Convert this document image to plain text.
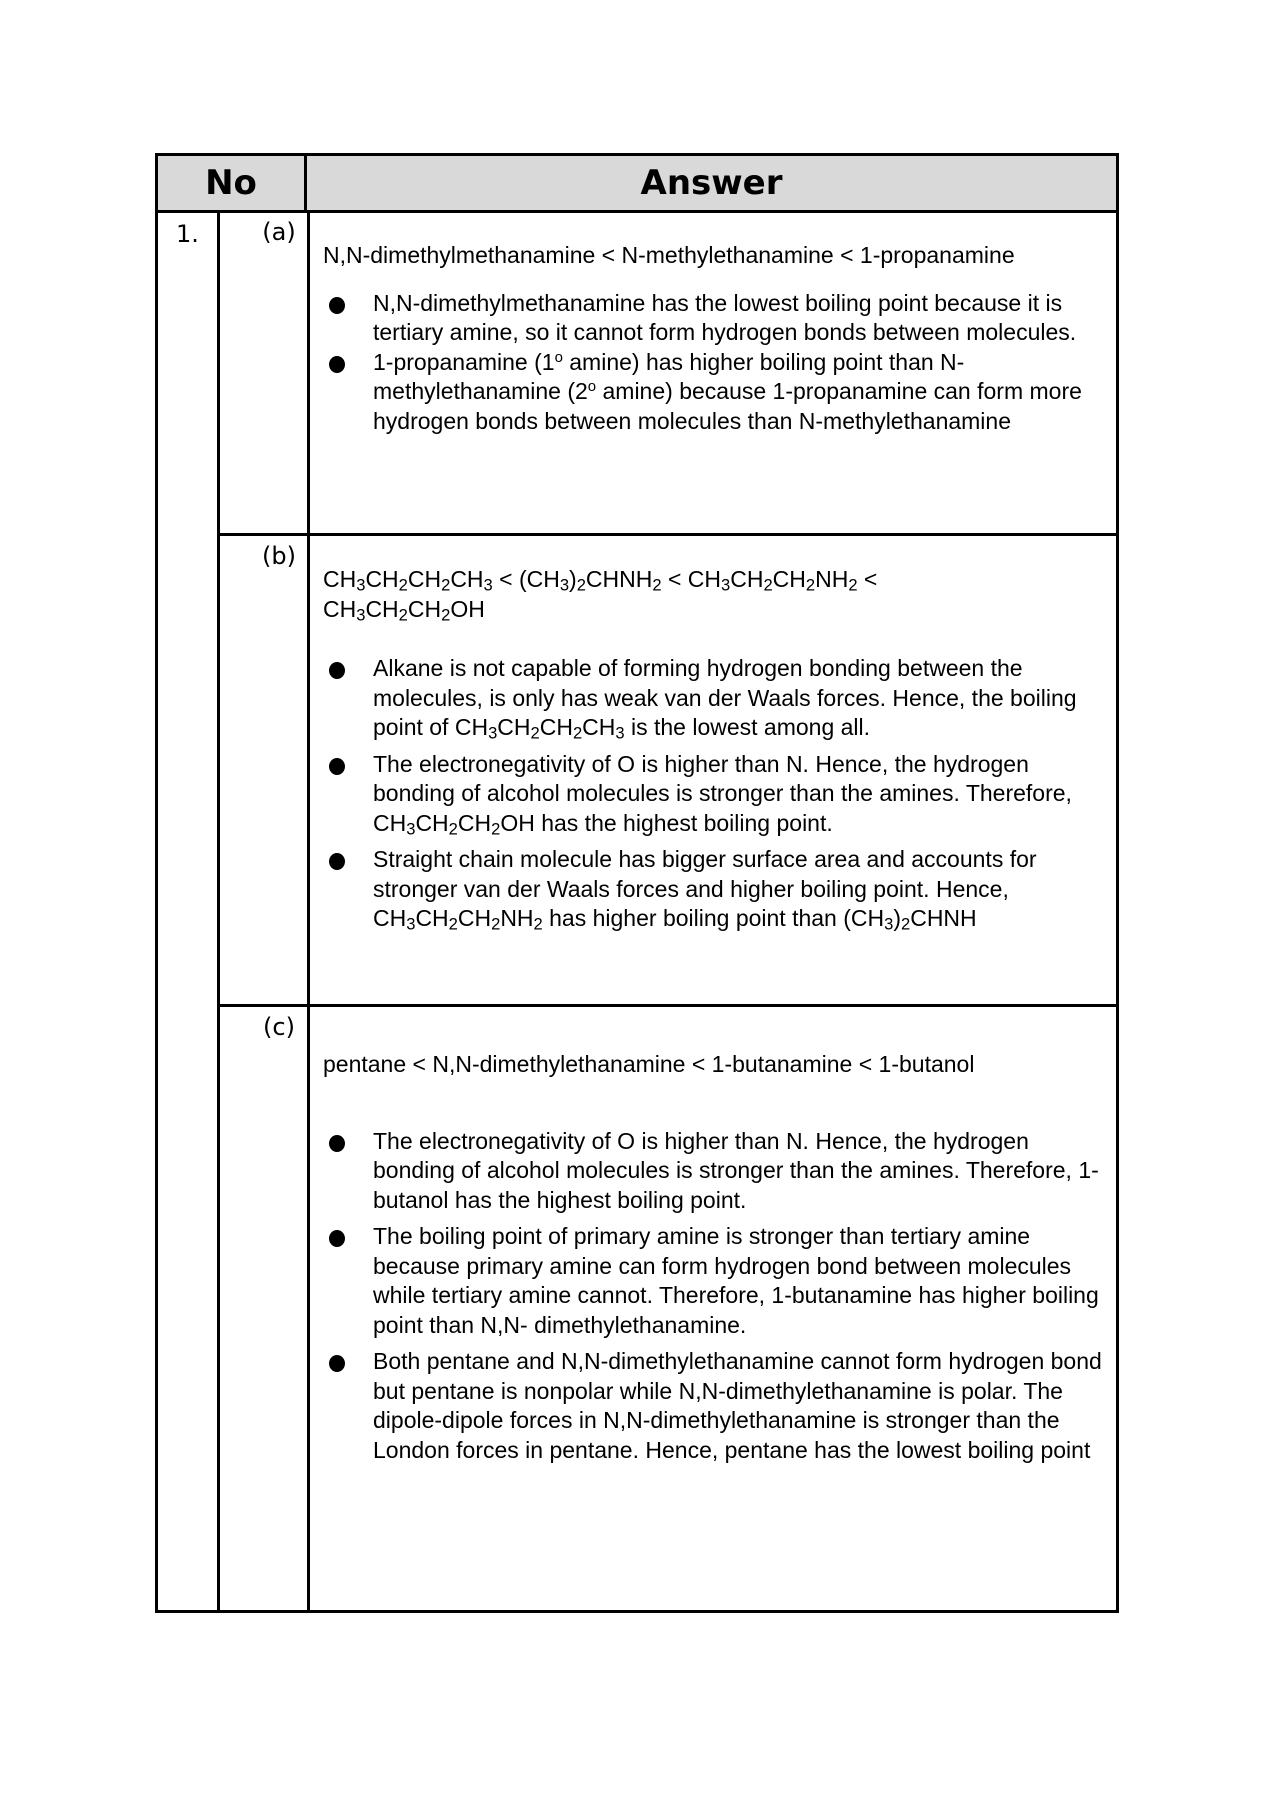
No	Answer
1.	(a)

N,N-dimethylmethanamine < N-methylethanamine < 1-propanamine

N,N-dimethylmethanamine has the lowest boiling point because it is tertiary amine, so it cannot form hydrogen bonds between molecules.
1-propanamine (1$^o$ amine) has higher boiling point than N-methylethanamine (2$^o$ amine) because 1-propanamine can form more hydrogen bonds between molecules than N-methylethanamine
(b)

$CH_3CH_2CH_2CH_3$ < $(CH_3)_2CHNH_2 < CH_3CH_2CH_2NH_2$ <
$CH_3CH_2CH_2OH$

Alkane is not capable of forming hydrogen bonding between the molecules, is only has weak van der Waals forces. Hence, the boiling point of $CH_3CH_2CH_2CH_3$ is the lowest among all.
The electronegativity of O is higher than N. Hence, the hydrogen bonding of alcohol molecules is stronger than the amines. Therefore, $CH_3CH_2CH_2OH$ has the highest boiling point.
Straight chain molecule has bigger surface area and accounts for stronger van der Waals forces and higher boiling point. Hence, $CH_3CH_2CH_2NH_2$ has higher boiling point than $(CH_3)_2CHNH$
(c)

pentane < N,N-dimethylethanamine < 1-butanamine < 1-butanol

The electronegativity of O is higher than N. Hence, the hydrogen bonding of alcohol molecules is stronger than the amines. Therefore, 1-butanol has the highest boiling point.
The boiling point of primary amine is stronger than tertiary amine because primary amine can form hydrogen bond between molecules while tertiary amine cannot. Therefore, 1-butanamine has higher boiling point than N,N- dimethylethanamine.
Both pentane and N,N-dimethylethanamine cannot form hydrogen bond but pentane is nonpolar while N,N-dimethylethanamine is polar. The dipole-dipole forces in N,N-dimethylethanamine is stronger than the London forces in pentane. Hence, pentane has the lowest boiling point
